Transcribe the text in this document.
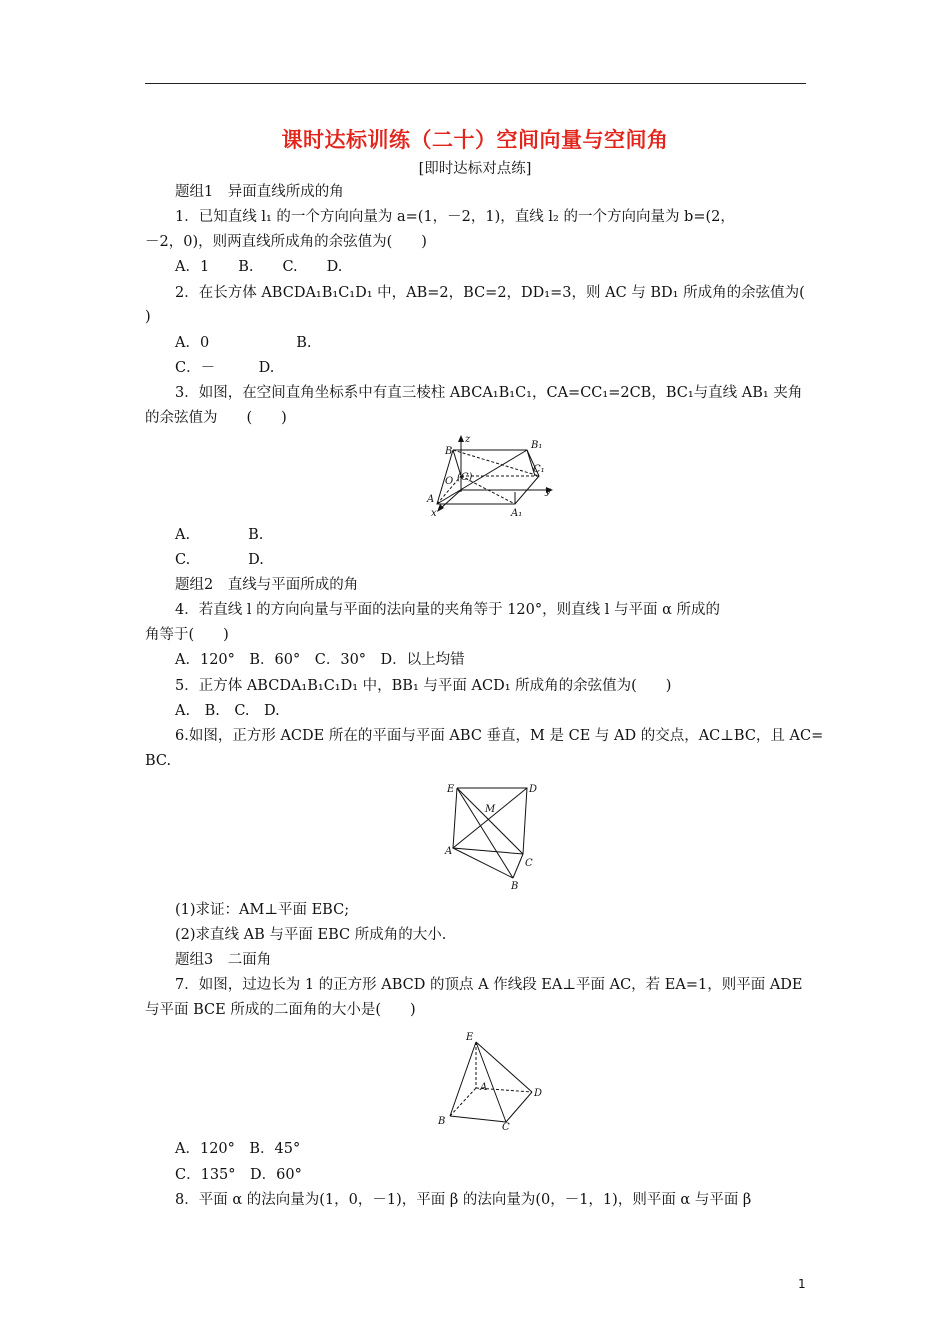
课时达标训练（二十）空间向量与空间角
[即时达标对点练]
题组1　异面直线所成的角
1．已知直线 l₁ 的一个方向向量为 a=(1，－2，1)，直线 l₂ 的一个方向向量为 b=(2，
－2，0)，则两直线所成角的余弦值为(　　)
A．1　　B.　　C.　　D.
2．在长方体 ABCDA₁B₁C₁D₁ 中，AB=2，BC=2，DD₁=3，则 AC 与 BD₁ 所成角的余弦值为(
)
A．0　　　　　　B.
C．－　　　D.
3．如图，在空间直角坐标系中有直三棱柱 ABCA₁B₁C₁，CA=CC₁=2CB，BC₁与直线 AB₁ 夹角
的余弦值为　　(　　)
z
B
B₁
C₁
O (C)
y
A
x	A₁
A.　　　　B.
C.　　　　D.
题组2　直线与平面所成的角
4．若直线 l 的方向向量与平面的法向量的夹角等于 120°，则直线 l 与平面 α 所成的
角等于(　　)
A．120°　B．60°　C．30°　D．以上均错
5．正方体 ABCDA₁B₁C₁D₁ 中，BB₁ 与平面 ACD₁ 所成角的余弦值为(　　)
A.　B.　C.　D.
6.如图，正方形 ACDE 所在的平面与平面 ABC 垂直，M 是 CE 与 AD 的交点，AC⊥BC，且 AC=
BC.
E	D
M
A
C
B
(1)求证：AM⊥平面 EBC;
(2)求直线 AB 与平面 EBC 所成角的大小.
题组3　二面角
7．如图，过边长为 1 的正方形 ABCD 的顶点 A 作线段 EA⊥平面 AC，若 EA=1，则平面 ADE
与平面 BCE 所成的二面角的大小是(　　)
E
A
D
B
C
A．120°　B．45°
C．135°　D．60°
8．平面 α 的法向量为(1，0，－1)，平面 β 的法向量为(0，－1，1)，则平面 α 与平面 β
1
